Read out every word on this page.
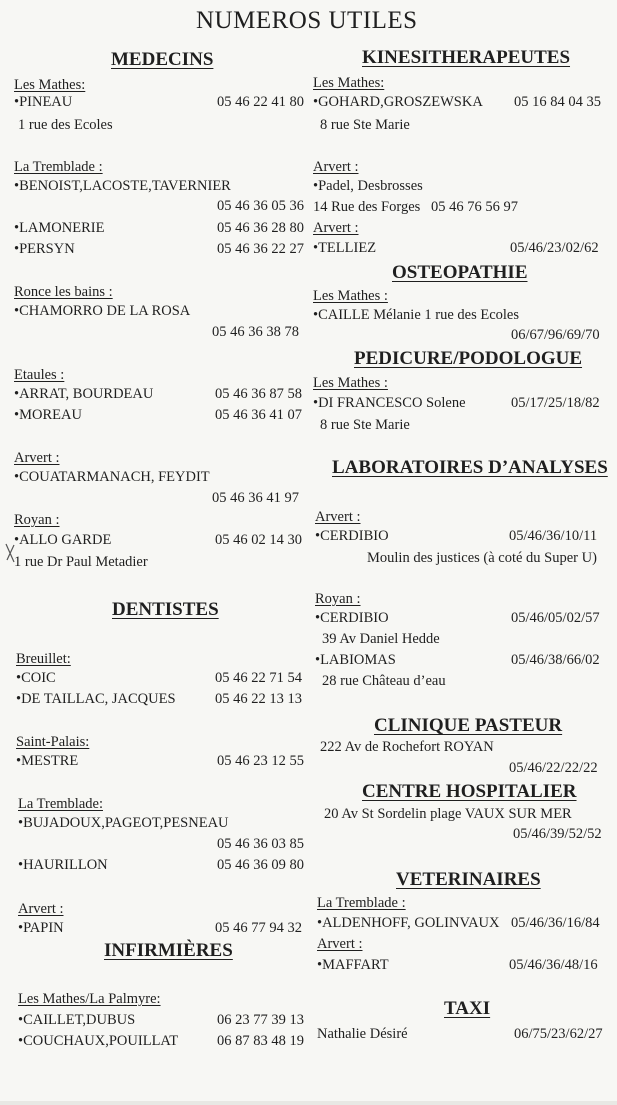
NUMEROS UTILES
MEDECINS
Les Mathes:
•PINEAU	05 46 22 41 80
1 rue des Ecoles
La Tremblade :
•BENOIST,LACOSTE,TAVERNIER
05 46 36 05 36
•LAMONERIE	05 46 36 28 80
•PERSYN	05 46 36 22 27
Ronce les bains :
•CHAMORRO DE LA ROSA
05 46 36 38 78
Etaules :
•ARRAT, BOURDEAU	05 46 36 87 58
•MOREAU	05 46 36 41 07
Arvert :
•COUATARMANACH, FEYDIT
05 46 36 41 97
Royan :
•ALLO GARDE	05 46 02 14 30
1 rue Dr Paul Metadier
DENTISTES
Breuillet:
•COIC	05 46 22 71 54
•DE TAILLAC, JACQUES	05 46 22 13 13
Saint-Palais:
•MESTRE	05 46 23 12 55
La Tremblade:
•BUJADOUX,PAGEOT,PESNEAU
05 46 36 03 85
•HAURILLON	05 46 36 09 80
Arvert :
•PAPIN	05 46 77 94 32
INFIRMIÈRES
Les Mathes/La Palmyre:
•CAILLET,DUBUS	06 23 77 39 13
•COUCHAUX,POUILLAT	06 87 83 48 19
KINESITHERAPEUTES
Les Mathes:
•GOHARD,GROSZEWSKA 05 16 84 04 35
8 rue Ste Marie
Arvert :
•Padel, Desbrosses
14 Rue des Forges 05 46 76 56 97
Arvert :
•TELLIEZ	05/46/23/02/62
OSTEOPATHIE
Les Mathes :
•CAILLE Mélanie 1 rue des Ecoles
06/67/96/69/70
PEDICURE/PODOLOGUE
Les Mathes :
•DI FRANCESCO Solene	05/17/25/18/82
8 rue Ste Marie
LABORATOIRES D’ANALYSES
Arvert :
•CERDIBIO	05/46/36/10/11
Moulin des justices (à coté du Super U)
Royan :
•CERDIBIO	05/46/05/02/57
39 Av Daniel Hedde
•LABIOMAS	05/46/38/66/02
28 rue Château d’eau
CLINIQUE PASTEUR
222 Av de Rochefort ROYAN
05/46/22/22/22
CENTRE HOSPITALIER
20 Av St Sordelin plage VAUX SUR MER
05/46/39/52/52
VETERINAIRES
La Tremblade :
•ALDENHOFF, GOLINVAUX 05/46/36/16/84
Arvert :
•MAFFART	05/46/36/48/16
TAXI
Nathalie Désiré	06/75/23/62/27
